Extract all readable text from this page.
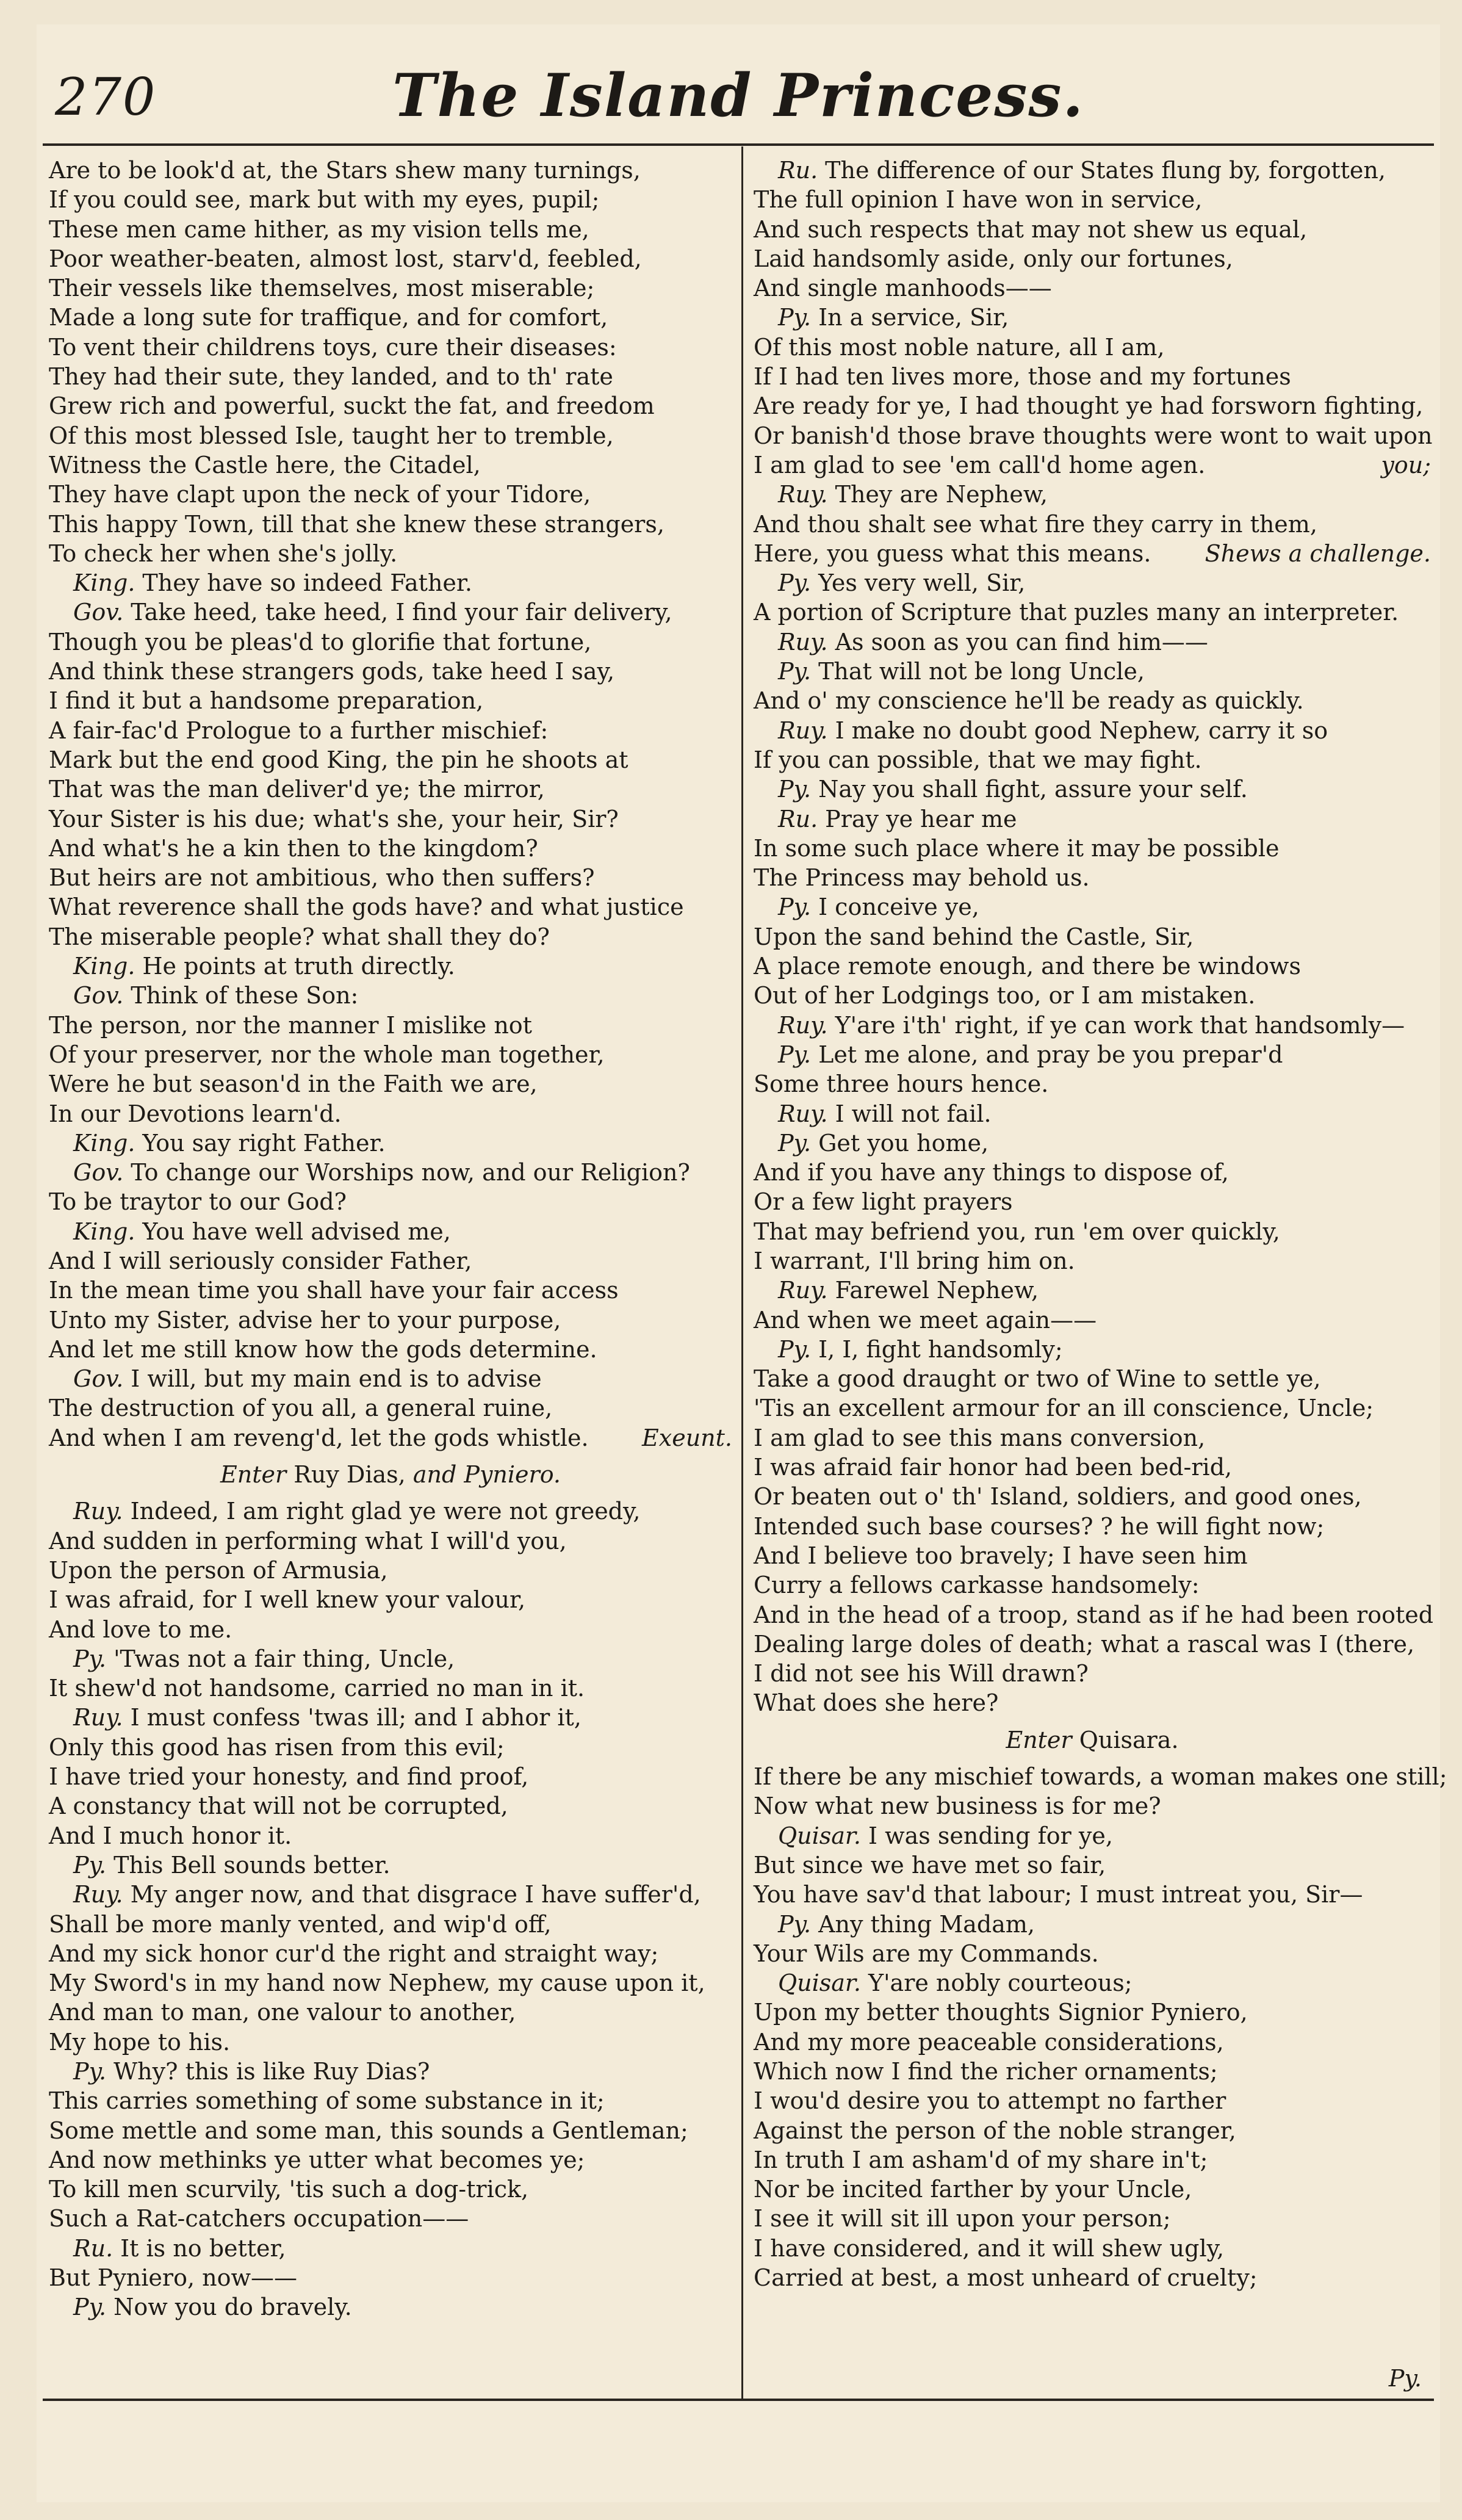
270	The Island Princess.
Are to be look'd at, the Stars shew many turnings,
If you could see, mark but with my eyes, pupil;
These men came hither, as my vision tells me,
Poor weather-beaten, almost lost, starv'd, feebled,
Their vessels like themselves, most miserable;
Made a long sute for traffique, and for comfort,
To vent their childrens toys, cure their diseases:
They had their sute, they landed, and to th' rate
Grew rich and powerful, suckt the fat, and freedom
Of this most blessed Isle, taught her to tremble,
Witness the Castle here, the Citadel,
They have clapt upon the neck of your Tidore,
This happy Town, till that she knew these strangers,
To check her when she's jolly.
King. They have so indeed Father.
Gov. Take heed, take heed, I find your fair delivery,
Though you be pleas'd to glorifie that fortune,
And think these strangers gods, take heed I say,
I find it but a handsome preparation,
A fair-fac'd Prologue to a further mischief:
Mark but the end good King, the pin he shoots at
That was the man deliver'd ye; the mirror,
Your Sister is his due; what's she, your heir, Sir?
And what's he a kin then to the kingdom?
But heirs are not ambitious, who then suffers?
What reverence shall the gods have? and what justice
The miserable people? what shall they do?
King. He points at truth directly.
Gov. Think of these Son:
The person, nor the manner I mislike not
Of your preserver, nor the whole man together,
Were he but season'd in the Faith we are,
In our Devotions learn'd.
King. You say right Father.
Gov. To change our Worships now, and our Religion?
To be traytor to our God?
King. You have well advised me,
And I will seriously consider Father,
In the mean time you shall have your fair access
Unto my Sister, advise her to your purpose,
And let me still know how the gods determine.
Gov. I will, but my main end is to advise
The destruction of you all, a general ruine,
And when I am reveng'd, let the gods whistle. Exeunt.
Enter Ruy Dias, and Pyniero.
Ruy. Indeed, I am right glad ye were not greedy,
And sudden in performing what I will'd you,
Upon the person of Armusia,
I was afraid, for I well knew your valour,
And love to me.
Py. 'Twas not a fair thing, Uncle,
It shew'd not handsome, carried no man in it.
Ruy. I must confess 'twas ill; and I abhor it,
Only this good has risen from this evil;
I have tried your honesty, and find proof,
A constancy that will not be corrupted,
And I much honor it.
Py. This Bell sounds better.
Ruy. My anger now, and that disgrace I have suffer'd,
Shall be more manly vented, and wip'd off,
And my sick honor cur'd the right and straight way;
My Sword's in my hand now Nephew, my cause upon it,
And man to man, one valour to another,
My hope to his.
Py. Why? this is like Ruy Dias?
This carries something of some substance in it;
Some mettle and some man, this sounds a Gentleman;
And now methinks ye utter what becomes ye;
To kill men scurvily, 'tis such a dog-trick,
Such a Rat-catchers occupation——
Ru. It is no better,
But Pyniero, now——
Py. Now you do bravely.
Ru. The difference of our States flung by, forgotten,
The full opinion I have won in service,
And such respects that may not shew us equal,
Laid handsomly aside, only our fortunes,
And single manhoods——
Py. In a service, Sir,
Of this most noble nature, all I am,
If I had ten lives more, those and my fortunes
Are ready for ye, I had thought ye had forsworn fighting,
Or banish'd those brave thoughts were wont to wait upon
I am glad to see 'em call'd home agen.	you;
Ruy. They are Nephew,
And thou shalt see what fire they carry in them,
Here, you guess what this means. Shews a challenge.
Py. Yes very well, Sir,
A portion of Scripture that puzles many an interpreter.
Ruy. As soon as you can find him——
Py. That will not be long Uncle,
And o' my conscience he'll be ready as quickly.
Ruy. I make no doubt good Nephew, carry it so
If you can possible, that we may fight.
Py. Nay you shall fight, assure your self.
Ru. Pray ye hear me
In some such place where it may be possible
The Princess may behold us.
Py. I conceive ye,
Upon the sand behind the Castle, Sir,
A place remote enough, and there be windows
Out of her Lodgings too, or I am mistaken.
Ruy. Y'are i'th' right, if ye can work that handsomly—
Py. Let me alone, and pray be you prepar'd
Some three hours hence.
Ruy. I will not fail.
Py. Get you home,
And if you have any things to dispose of,
Or a few light prayers
That may befriend you, run 'em over quickly,
I warrant, I'll bring him on.
Ruy. Farewel Nephew,
And when we meet again——
Py. I, I, fight handsomly;
Take a good draught or two of Wine to settle ye,
'Tis an excellent armour for an ill conscience, Uncle;
I am glad to see this mans conversion,
I was afraid fair honor had been bed-rid,
Or beaten out o' th' Island, soldiers, and good ones,
Intended such base courses? ? he will fight now;
And I believe too bravely; I have seen him
Curry a fellows carkasse handsomely:
And in the head of a troop, stand as if he had been rooted
Dealing large doles of death; what a rascal was I (there,
I did not see his Will drawn?
What does she here?
Enter Quisara.
If there be any mischief towards, a woman makes one still;
Now what new business is for me?
Quisar. I was sending for ye,
But since we have met so fair,
You have sav'd that labour; I must intreat you, Sir—
Py. Any thing Madam,
Your Wils are my Commands.
Quisar. Y'are nobly courteous;
Upon my better thoughts Signior Pyniero,
And my more peaceable considerations,
Which now I find the richer ornaments;
I wou'd desire you to attempt no farther
Against the person of the noble stranger,
In truth I am asham'd of my share in't;
Nor be incited farther by your Uncle,
I see it will sit ill upon your person;
I have considered, and it will shew ugly,
Carried at best, a most unheard of cruelty;
Py.
